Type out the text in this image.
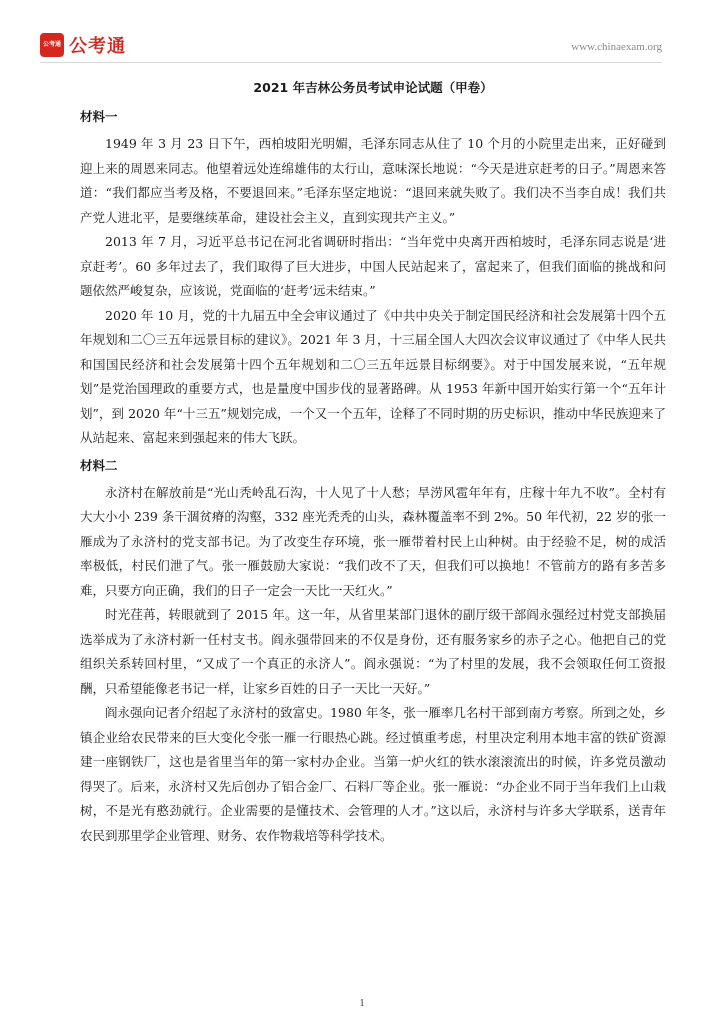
公考通 公考通	www.chinaexam.org
2021 年吉林公务员考试申论试题（甲卷）
材料一

1949 年 3 月 23 日下午，西柏坡阳光明媚，毛泽东同志从住了 10 个月的小院里走出来，正好碰到迎上来的周恩来同志。他望着远处连绵雄伟的太行山，意味深长地说：“今天是进京赶考的日子。”周恩来答道：“我们都应当考及格，不要退回来。”毛泽东坚定地说：“退回来就失败了。我们决不当李自成！我们共产党人进北平，是要继续革命，建设社会主义，直到实现共产主义。”

2013 年 7 月，习近平总书记在河北省调研时指出：“当年党中央离开西柏坡时，毛泽东同志说是‘进京赶考’。60 多年过去了，我们取得了巨大进步，中国人民站起来了，富起来了，但我们面临的挑战和问题依然严峻复杂，应该说，党面临的‘赶考’远未结束。”

2020 年 10 月，党的十九届五中全会审议通过了《中共中央关于制定国民经济和社会发展第十四个五年规划和二〇三五年远景目标的建议》。2021 年 3 月，十三届全国人大四次会议审议通过了《中华人民共和国国民经济和社会发展第十四个五年规划和二〇三五年远景目标纲要》。对于中国发展来说，“五年规划”是党治国理政的重要方式，也是量度中国步伐的显著路碑。从 1953 年新中国开始实行第一个“五年计划”，到 2020 年“十三五”规划完成，一个又一个五年，诠释了不同时期的历史标识，推动中华民族迎来了从站起来、富起来到强起来的伟大飞跃。

材料二

永济村在解放前是“光山秃岭乱石沟，十人见了十人愁；旱涝风雹年年有，庄稼十年九不收”。全村有大大小小 239 条干涸贫瘠的沟壑，332 座光秃秃的山头，森林覆盖率不到 2%。50 年代初，22 岁的张一雁成为了永济村的党支部书记。为了改变生存环境，张一雁带着村民上山种树。由于经验不足，树的成活率极低，村民们泄了气。张一雁鼓励大家说：“我们改不了天，但我们可以换地！不管前方的路有多苦多难，只要方向正确，我们的日子一定会一天比一天红火。”

时光荏苒，转眼就到了 2015 年。这一年，从省里某部门退休的副厅级干部阎永强经过村党支部换届选举成为了永济村新一任村支书。阎永强带回来的不仅是身份，还有服务家乡的赤子之心。他把自己的党组织关系转回村里，“又成了一个真正的永济人”。阎永强说：“为了村里的发展，我不会领取任何工资报酬，只希望能像老书记一样，让家乡百姓的日子一天比一天好。”

阎永强向记者介绍起了永济村的致富史。1980 年冬，张一雁率几名村干部到南方考察。所到之处，乡镇企业给农民带来的巨大变化令张一雁一行眼热心跳。经过慎重考虑，村里决定利用本地丰富的铁矿资源建一座钢铁厂，这也是省里当年的第一家村办企业。当第一炉火红的铁水滚滚流出的时候，许多党员激动得哭了。后来，永济村又先后创办了铝合金厂、石料厂等企业。张一雁说：“办企业不同于当年我们上山栽树，不是光有憨劲就行。企业需要的是懂技术、会管理的人才。”这以后，永济村与许多大学联系，送青年农民到那里学企业管理、财务、农作物栽培等科学技术。

1
